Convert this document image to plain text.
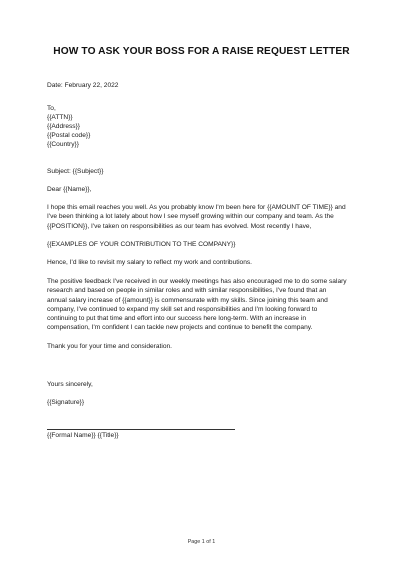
HOW TO ASK YOUR BOSS FOR A RAISE REQUEST LETTER
Date: February 22, 2022
To,
{{ATTN}}
{{Address}}
{{Postal code}}
{{Country}}
Subject: {{Subject}}
Dear {{Name}},
I hope this email reaches you well. As you probably know I'm been here for {{AMOUNT OF TIME}} and
I've been thinking a lot lately about how I see myself growing within our company and team. As the
{{POSITION}}, I've taken on responsibilities as our team has evolved. Most recently I have,
{{EXAMPLES OF YOUR CONTRIBUTION TO THE COMPANY}}
Hence, I'd like to revisit my salary to reflect my work and contributions.
The positive feedback I've received in our weekly meetings has also encouraged me to do some salary
research and based on people in similar roles and with similar responsibilities, I've found that an
annual salary increase of {{amount}} is commensurate with my skills. Since joining this team and
company, I've continued to expand my skill set and responsibilities and I'm looking forward to
continuing to put that time and effort into our success here long-term. With an increase in
compensation, I'm confident I can tackle new projects and continue to benefit the company.
Thank you for your time and consideration.
Yours sincerely,
{{Signature}}
{{Formal Name}} {{Title}}
Page 1 of 1
